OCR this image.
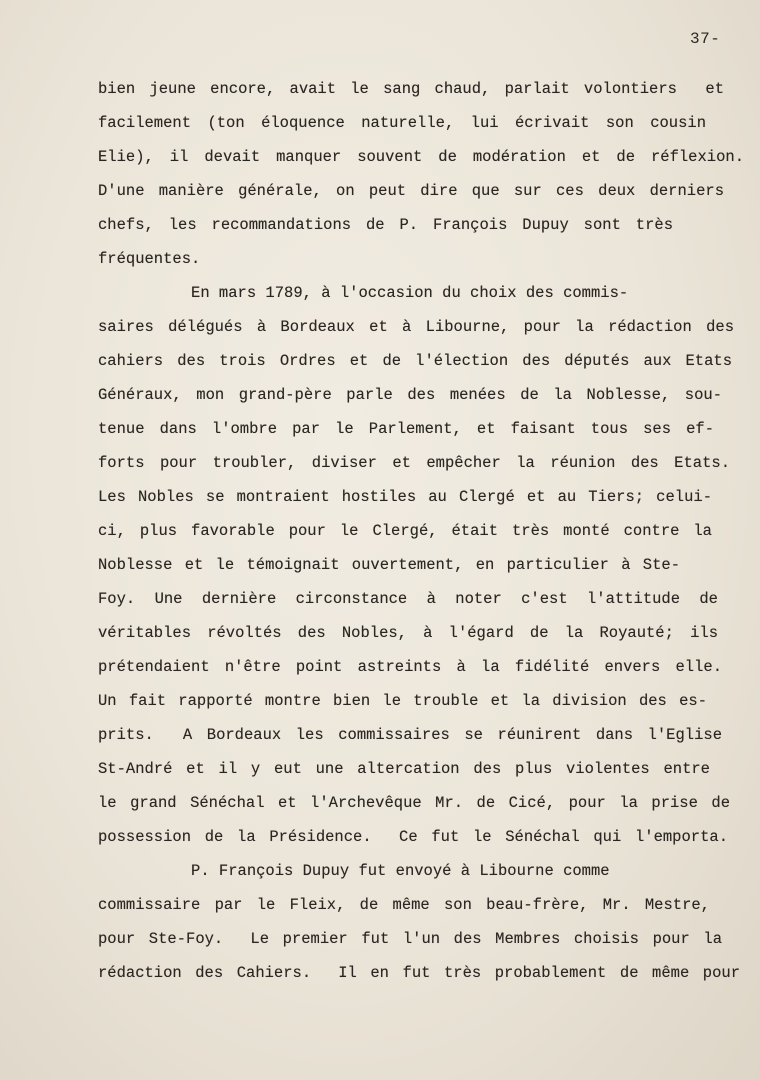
37-
bien jeune encore, avait le sang chaud, parlait volontiers  et
facilement (ton éloquence naturelle, lui écrivait son cousin
Elie), il devait manquer souvent de modération et de réflexion.
D'une manière générale, on peut dire que sur ces deux derniers
chefs, les recommandations de P. François Dupuy sont très
fréquentes.
En mars 1789, à l'occasion du choix des commis-
saires délégués à Bordeaux et à Libourne, pour la rédaction des
cahiers des trois Ordres et de l'élection des députés aux Etats
Généraux, mon grand-père parle des menées de la Noblesse, sou-
tenue dans l'ombre par le Parlement, et faisant tous ses ef-
forts pour troubler, diviser et empêcher la réunion des Etats.
Les Nobles se montraient hostiles au Clergé et au Tiers; celui-
ci, plus favorable pour le Clergé, était très monté contre la
Noblesse et le témoignait ouvertement, en particulier à Ste-
Foy. Une dernière circonstance à noter c'est l'attitude de
véritables révoltés des Nobles, à l'égard de la Royauté; ils
prétendaient n'être point astreints à la fidélité envers elle.
Un fait rapporté montre bien le trouble et la division des es-
prits.  A Bordeaux les commissaires se réunirent dans l'Eglise
St-André et il y eut une altercation des plus violentes entre
le grand Sénéchal et l'Archevêque Mr. de Cicé, pour la prise de
possession de la Présidence.  Ce fut le Sénéchal qui l'emporta.
P. François Dupuy fut envoyé à Libourne comme
commissaire par le Fleix, de même son beau-frère, Mr. Mestre,
pour Ste-Foy.  Le premier fut l'un des Membres choisis pour la
rédaction des Cahiers.  Il en fut très probablement de même pour
